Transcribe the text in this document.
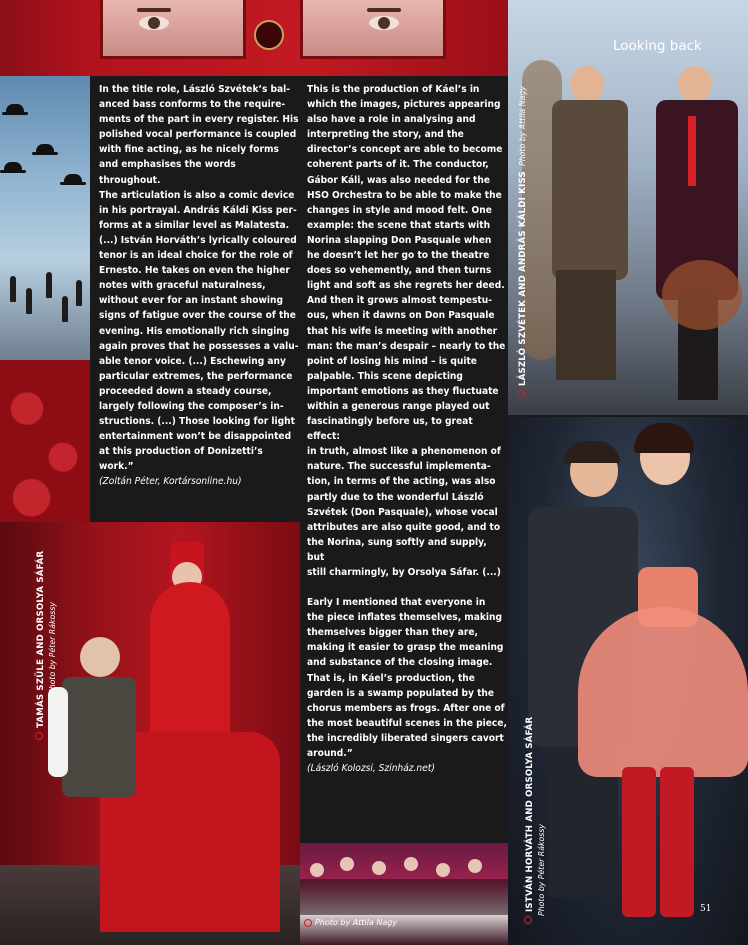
Looking back

In the title role, László Szvétek’s bal-

anced bass conforms to the require-

ments of the part in every register. His

polished vocal performance is coupled

with fine acting, as he nicely forms

and emphasises the words throughout.

The articulation is also a comic device

in his portrayal. András Káldi Kiss per-

forms at a similar level as Malatesta.

(...) István Horváth’s lyrically coloured

tenor is an ideal choice for the role of

Ernesto. He takes on even the higher

notes with graceful naturalness,

without ever for an instant showing

signs of fatigue over the course of the

evening. His emotionally rich singing

again proves that he possesses a valu-

able tenor voice. (...) Eschewing any

particular extremes, the performance

proceeded down a steady course,

largely following the composer’s in-

structions. (...) Those looking for light

entertainment won’t be disappointed

at this production of Donizetti’s work.”

(Zoltán Péter, Kortársonline.hu)

This is the production of Káel’s in

which the images, pictures appearing

also have a role in analysing and

interpreting the story, and the

director’s concept are able to become

coherent parts of it. The conductor,

Gábor Káli, was also needed for the

HSO Orchestra to be able to make the

changes in style and mood felt. One

example: the scene that starts with

Norina slapping Don Pasquale when

he doesn’t let her go to the theatre

does so vehemently, and then turns

light and soft as she regrets her deed.

And then it grows almost tempestu-

ous, when it dawns on Don Pasquale

that his wife is meeting with another

man: the man’s despair – nearly to the

point of losing his mind – is quite

palpable. This scene depicting

important emotions as they fluctuate

within a generous range played out

fascinatingly before us, to great effect:

in truth, almost like a phenomenon of

nature. The successful implementa-

tion, in terms of the acting, was also

partly due to the wonderful László

Szvétek (Don Pasquale), whose vocal

attributes are also quite good, and to

the Norina, sung softly and supply, but

still charmingly, by Orsolya Sáfar. (...)

Early I mentioned that everyone in

the piece inflates themselves, making

themselves bigger than they are,

making it easier to grasp the meaning

and substance of the closing image.

That is, in Káel’s production, the

garden is a swamp populated by the

chorus members as frogs. After one of

the most beautiful scenes in the piece,

the incredibly liberated singers cavort

around.”

(László Kolozsi, Színház.net)

LÁSZLÓ SZVÉTEK AND ANDRÁS KÁLDI KISS Photo by Attila Nagy
TAMÁS SZÜLE AND ORSOLYA SÁFÁR Photo by Péter Rákossy
ISTVÁN HORVÁTH AND ORSOLYA SÁFÁR Photo by Péter Rákossy
Photo by Attila Nagy
51
